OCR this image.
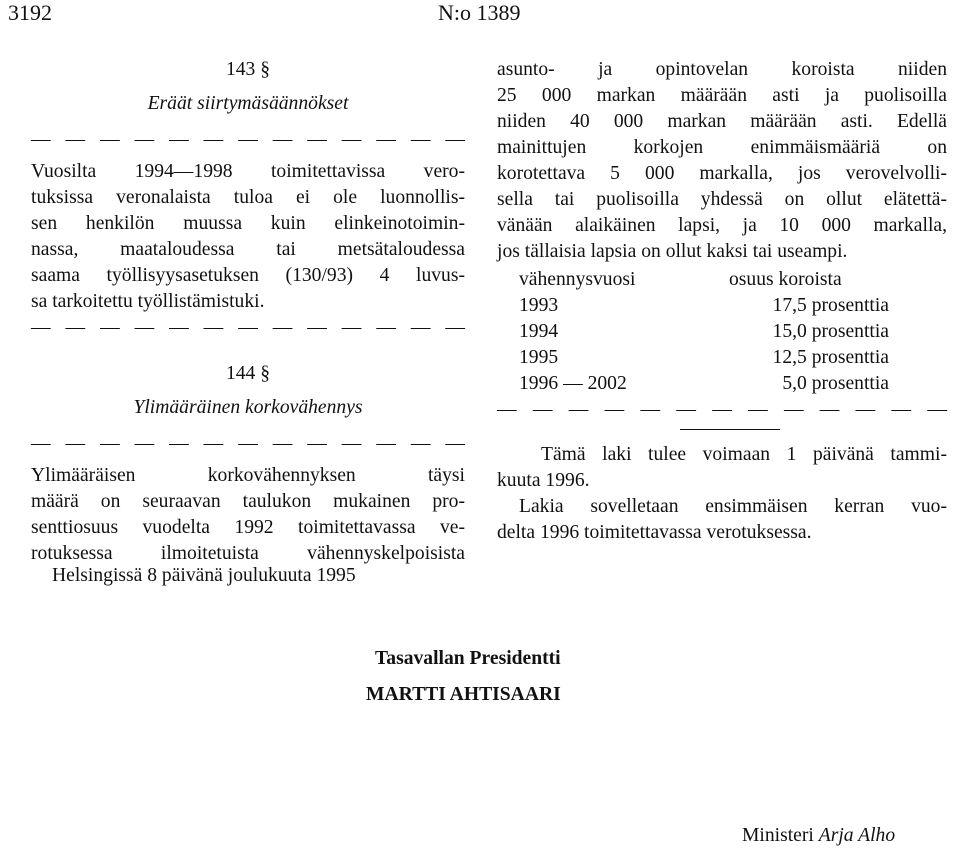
3192	N:o 1389
143 §
Eräät siirtymäsäännökset
— — — — — — — — — — — — —
Vuosilta 1994—1998 toimitettavissa vero-
tuksissa veronalaista tuloa ei ole luonnollis-
sen henkilön muussa kuin elinkeinotoimin-
nassa, maataloudessa tai metsätaloudessa
saama työllisyysasetuksen (130/93) 4 luvus-
sa tarkoitettu työllistämistuki.
— — — — — — — — — — — — —
144 §
Ylimääräinen korkovähennys
— — — — — — — — — — — — —
Ylimääräisen korkovähennyksen täysi
määrä on seuraavan taulukon mukainen pro-
senttiosuus vuodelta 1992 toimitettavassa ve-
rotuksessa ilmoitetuista vähennyskelpoisista
asunto- ja opintovelan koroista niiden
25 000 markan määrään asti ja puolisoilla
niiden 40 000 markan määrään asti. Edellä
mainittujen korkojen enimmäismääriä on
korotettava 5 000 markalla, jos verovelvolli-
sella tai puolisoilla yhdessä on ollut elätettä-
vänään alaikäinen lapsi, ja 10 000 markalla,
jos tällaisia lapsia on ollut kaksi tai useampi.
vähennysvuosi	osuus koroista
1993	17,5 prosenttia
1994	15,0 prosenttia
1995	12,5 prosenttia
1996 — 2002	5,0 prosenttia
— — — — — — — — — — — — —
Tämä laki tulee voimaan 1 päivänä tammi-
kuuta 1996.
Lakia sovelletaan ensimmäisen kerran vuo-
delta 1996 toimitettavassa verotuksessa.
Helsingissä 8 päivänä joulukuuta 1995
Tasavallan Presidentti
MARTTI AHTISAARI
Ministeri Arja Alho
